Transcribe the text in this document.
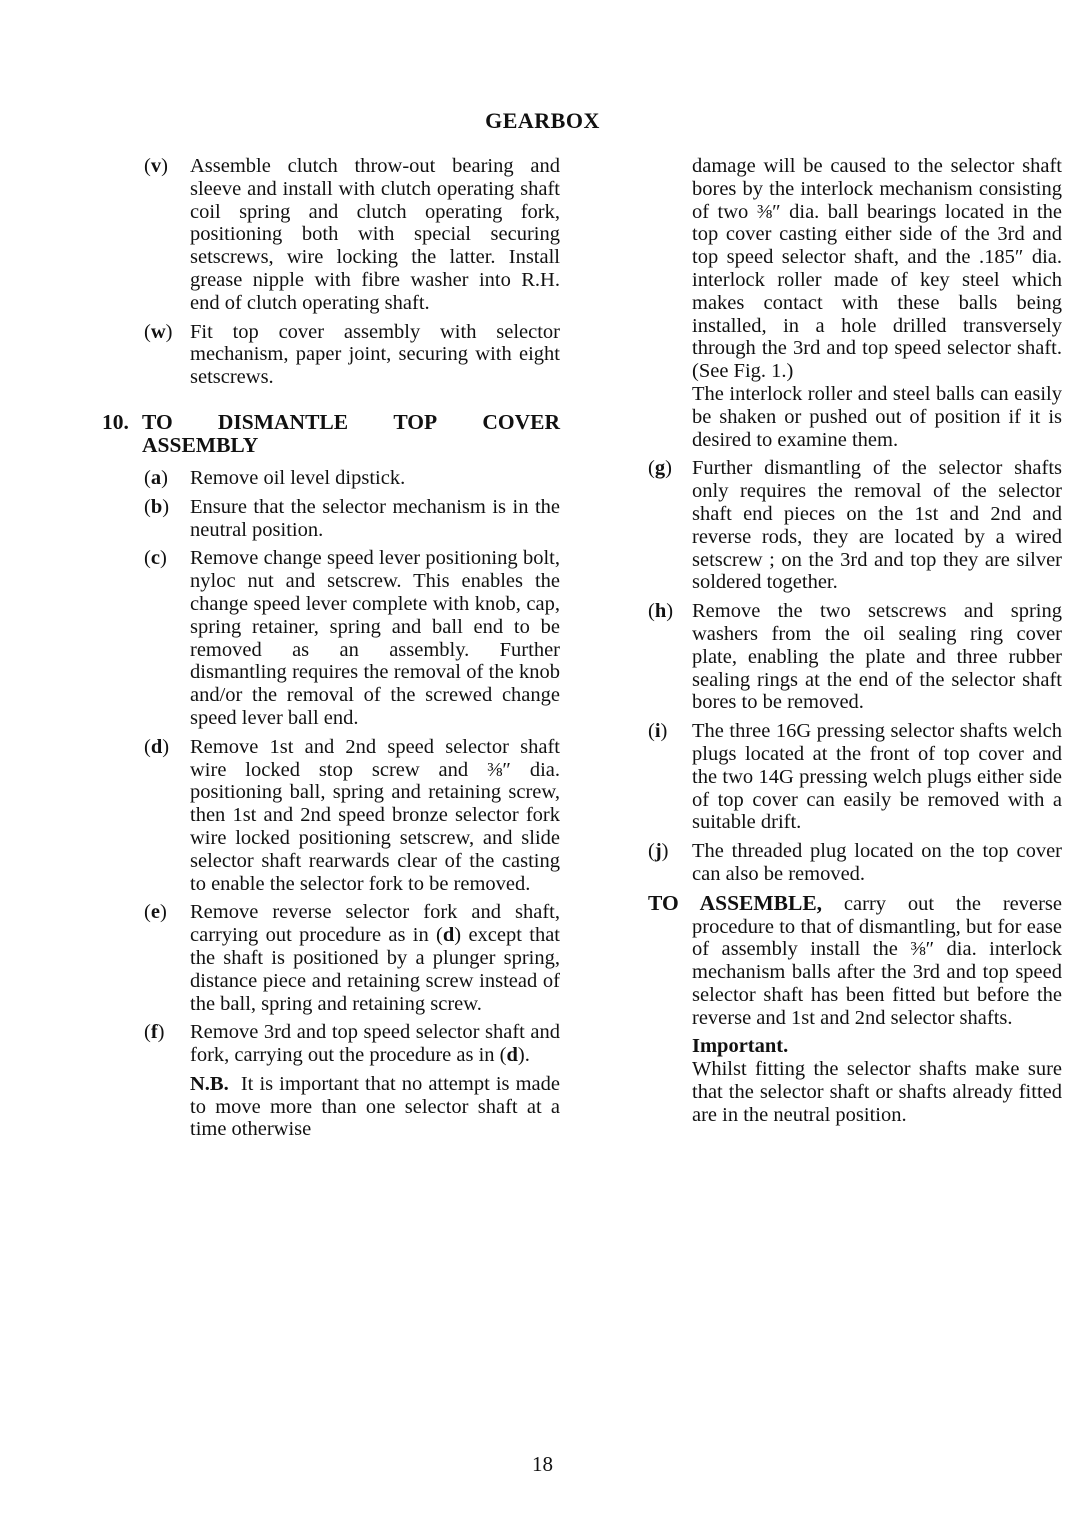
GEARBOX
(v)	Assemble clutch throw-out bearing and sleeve and install with clutch operating shaft coil spring and clutch operating fork, positioning both with special securing setscrews, wire locking the latter. Install grease nipple with fibre washer into R.H. end of clutch operating shaft.
(w) Fit top cover assembly with selector mechanism, paper joint, securing with eight setscrews.
10. TO DISMANTLE TOP COVER
ASSEMBLY
(a)	Remove oil level dipstick.
(b)	Ensure that the selector mechanism is in the neutral position.
(c)	Remove change speed lever positioning bolt, nyloc nut and setscrew. This enables the change speed lever complete with knob, cap, spring retainer, spring and ball end to be removed as an assembly. Further dismantling requires the removal of the knob and/or the removal of the screwed change speed lever ball end.
(d)	Remove 1st and 2nd speed selector shaft wire locked stop screw and ⅜″ dia. positioning ball, spring and retaining screw, then 1st and 2nd speed bronze selector fork wire locked positioning setscrew, and slide selector shaft rearwards clear of the casting to enable the selector fork to be removed.
(e)	Remove reverse selector fork and shaft, carrying out procedure as in (d) except that the shaft is positioned by a plunger spring, distance piece and retaining screw instead of the ball, spring and retaining screw.
(f)	Remove 3rd and top speed selector shaft and fork, carrying out the procedure as in (d).
N.B. It is important that no attempt is made to move more than one selector shaft at a time otherwise

damage will be caused to the selector shaft bores by the interlock mechanism consisting of two ⅜″ dia. ball bearings located in the top cover casting either side of the 3rd and top speed selector shaft, and the .185″ dia. interlock roller made of key steel which makes contact with these balls being installed, in a hole drilled transversely through the 3rd and top speed selector shaft. (See Fig. 1.)

The interlock roller and steel balls can easily be shaken or pushed out of position if it is desired to examine them.

(g) Further dismantling of the selector shafts only requires the removal of the selector shaft end pieces on the 1st and 2nd and reverse rods, they are located by a wired setscrew ; on the 3rd and top they are silver soldered together.
(h) Remove the two setscrews and spring washers from the oil sealing ring cover plate, enabling the plate and three rubber sealing rings at the end of the selector shaft bores to be removed.
(i)	The three 16G pressing selector shafts welch plugs located at the front of top cover and the two 14G pressing welch plugs either side of top cover can easily be removed with a suitable drift.
(j)	The threaded plug located on the top cover can also be removed.
TO ASSEMBLE, carry out the reverse
procedure to that of dismantling, but for ease of assembly install the ⅜″ dia. interlock mechanism balls after the 3rd and top speed selector shaft has been fitted but before the reverse and 1st and 2nd selector shafts.
Important.
Whilst fitting the selector shafts make sure that the selector shaft or shafts already fitted are in the neutral position.
18
